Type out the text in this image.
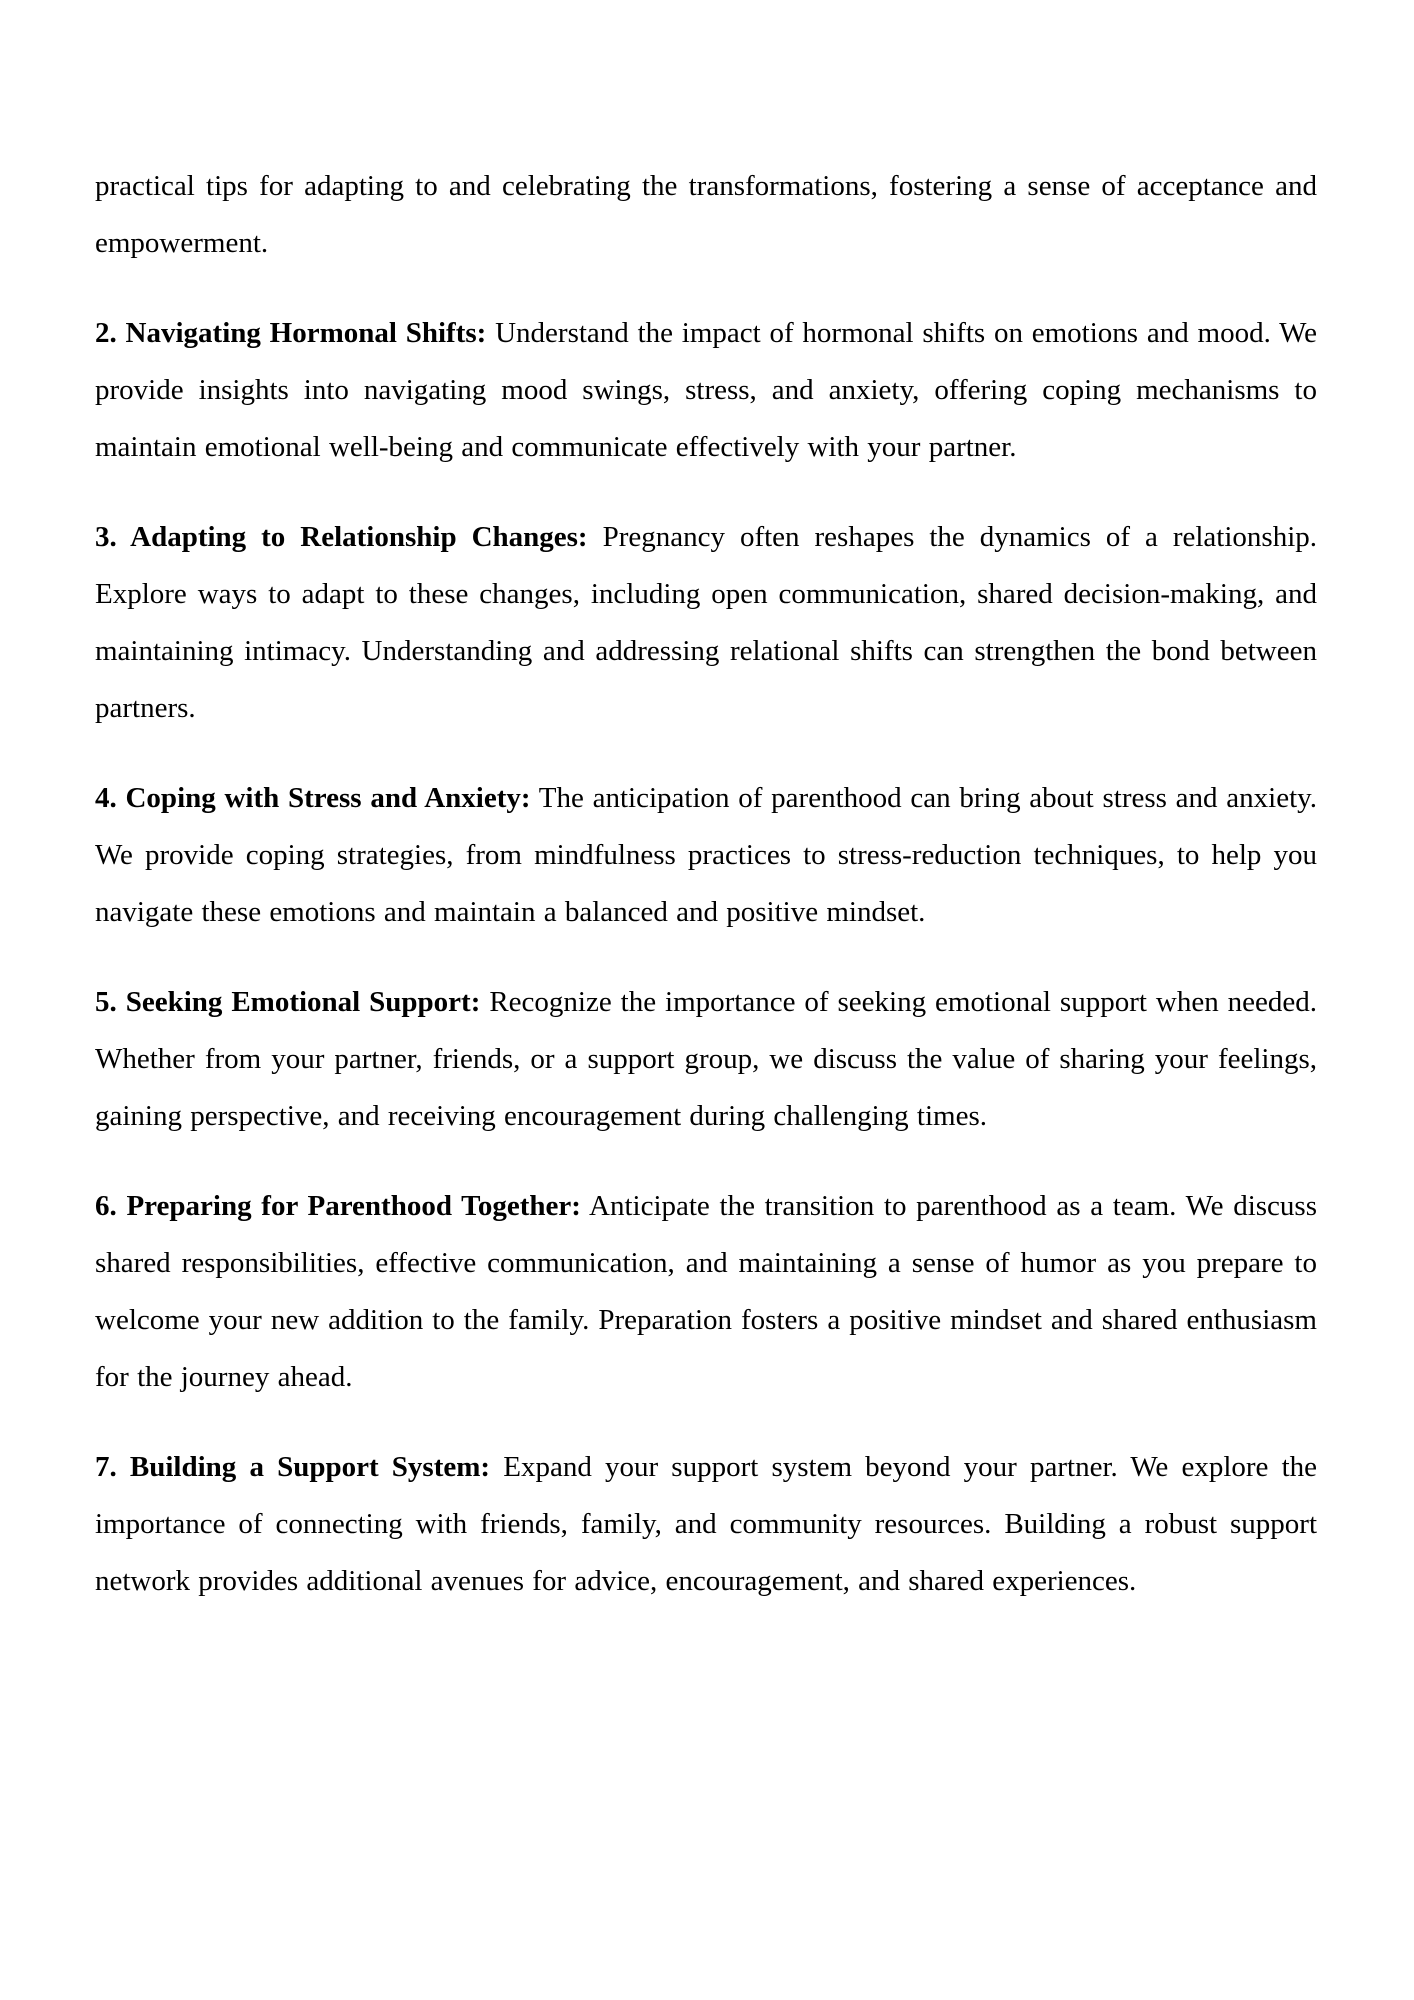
practical tips for adapting to and celebrating the transformations, fostering a sense of acceptance and empowerment.

2. Navigating Hormonal Shifts: Understand the impact of hormonal shifts on emotions and mood. We provide insights into navigating mood swings, stress, and anxiety, offering coping mechanisms to maintain emotional well-being and communicate effectively with your partner.

3. Adapting to Relationship Changes: Pregnancy often reshapes the dynamics of a relationship. Explore ways to adapt to these changes, including open communication, shared decision-making, and maintaining intimacy. Understanding and addressing relational shifts can strengthen the bond between partners.

4. Coping with Stress and Anxiety: The anticipation of parenthood can bring about stress and anxiety. We provide coping strategies, from mindfulness practices to stress-reduction techniques, to help you navigate these emotions and maintain a balanced and positive mindset.

5. Seeking Emotional Support: Recognize the importance of seeking emotional support when needed. Whether from your partner, friends, or a support group, we discuss the value of sharing your feelings, gaining perspective, and receiving encouragement during challenging times.

6. Preparing for Parenthood Together: Anticipate the transition to parenthood as a team. We discuss shared responsibilities, effective communication, and maintaining a sense of humor as you prepare to welcome your new addition to the family. Preparation fosters a positive mindset and shared enthusiasm for the journey ahead.

7. Building a Support System: Expand your support system beyond your partner. We explore the importance of connecting with friends, family, and community resources. Building a robust support network provides additional avenues for advice, encouragement, and shared experiences.
